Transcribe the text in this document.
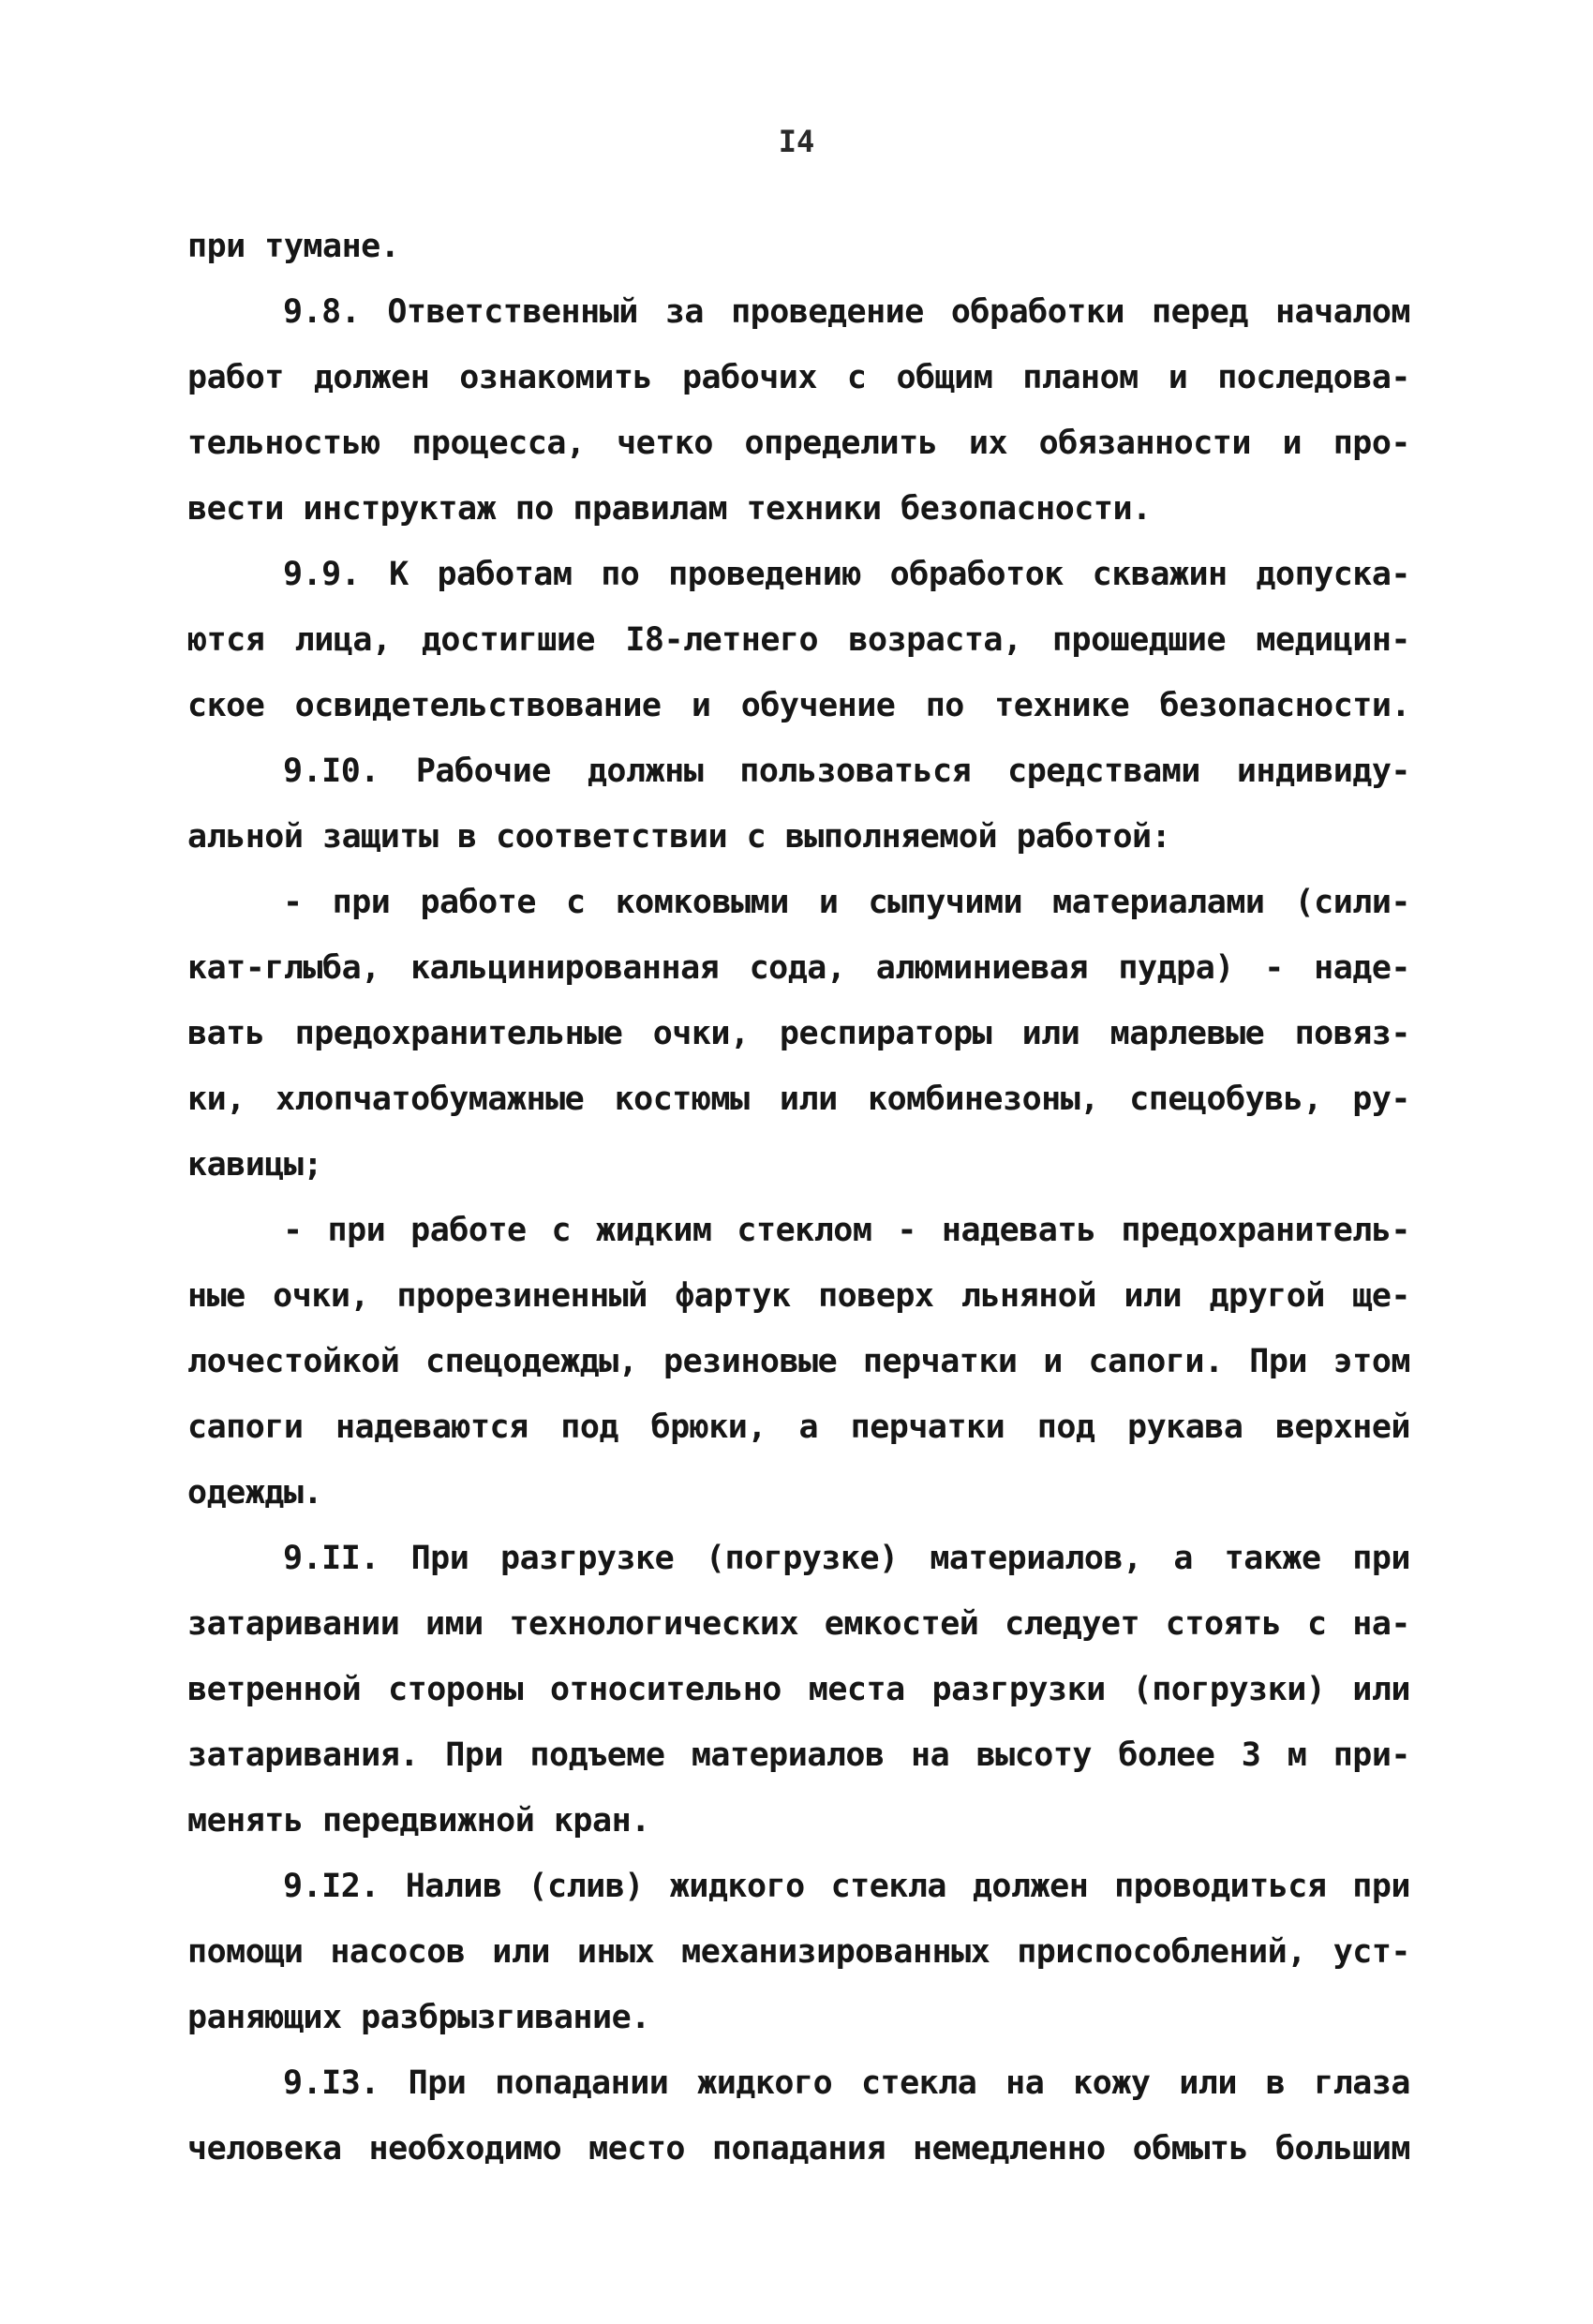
I4
при тумане.
9.8. Ответственный за проведение обработки перед началом
работ должен ознакомить рабочих с общим планом и последова-
тельностью процесса, четко определить их обязанности и про-
вести инструктаж по правилам техники безопасности.
9.9. К работам по проведению обработок скважин допуска-
ются лица, достигшие I8-летнего возраста, прошедшие медицин-
ское освидетельствование и обучение по технике безопасности.
9.I0. Рабочие должны пользоваться средствами индивиду-
альной защиты в соответствии с выполняемой работой:
- при работе с комковыми и сыпучими материалами (сили-
кат-глыба, кальцинированная сода, алюминиевая пудра) - наде-
вать предохранительные очки, респираторы или марлевые повяз-
ки, хлопчатобумажные костюмы или комбинезоны, спецобувь, ру-
кавицы;
- при работе с жидким стеклом - надевать предохранитель-
ные очки, прорезиненный фартук поверх льняной или другой ще-
лочестойкой спецодежды, резиновые перчатки и сапоги. При этом
сапоги надеваются под брюки, а перчатки под рукава верхней
одежды.
9.II. При разгрузке (погрузке) материалов, а также при
затаривании ими технологических емкостей следует стоять с на-
ветренной стороны относительно места разгрузки (погрузки) или
затаривания. При подъеме материалов на высоту более 3 м при-
менять передвижной кран.
9.I2. Налив (слив) жидкого стекла должен проводиться при
помощи насосов или иных механизированных приспособлений, уст-
раняющих разбрызгивание.
9.I3. При попадании жидкого стекла на кожу или в глаза
человека необходимо место попадания немедленно обмыть большим
